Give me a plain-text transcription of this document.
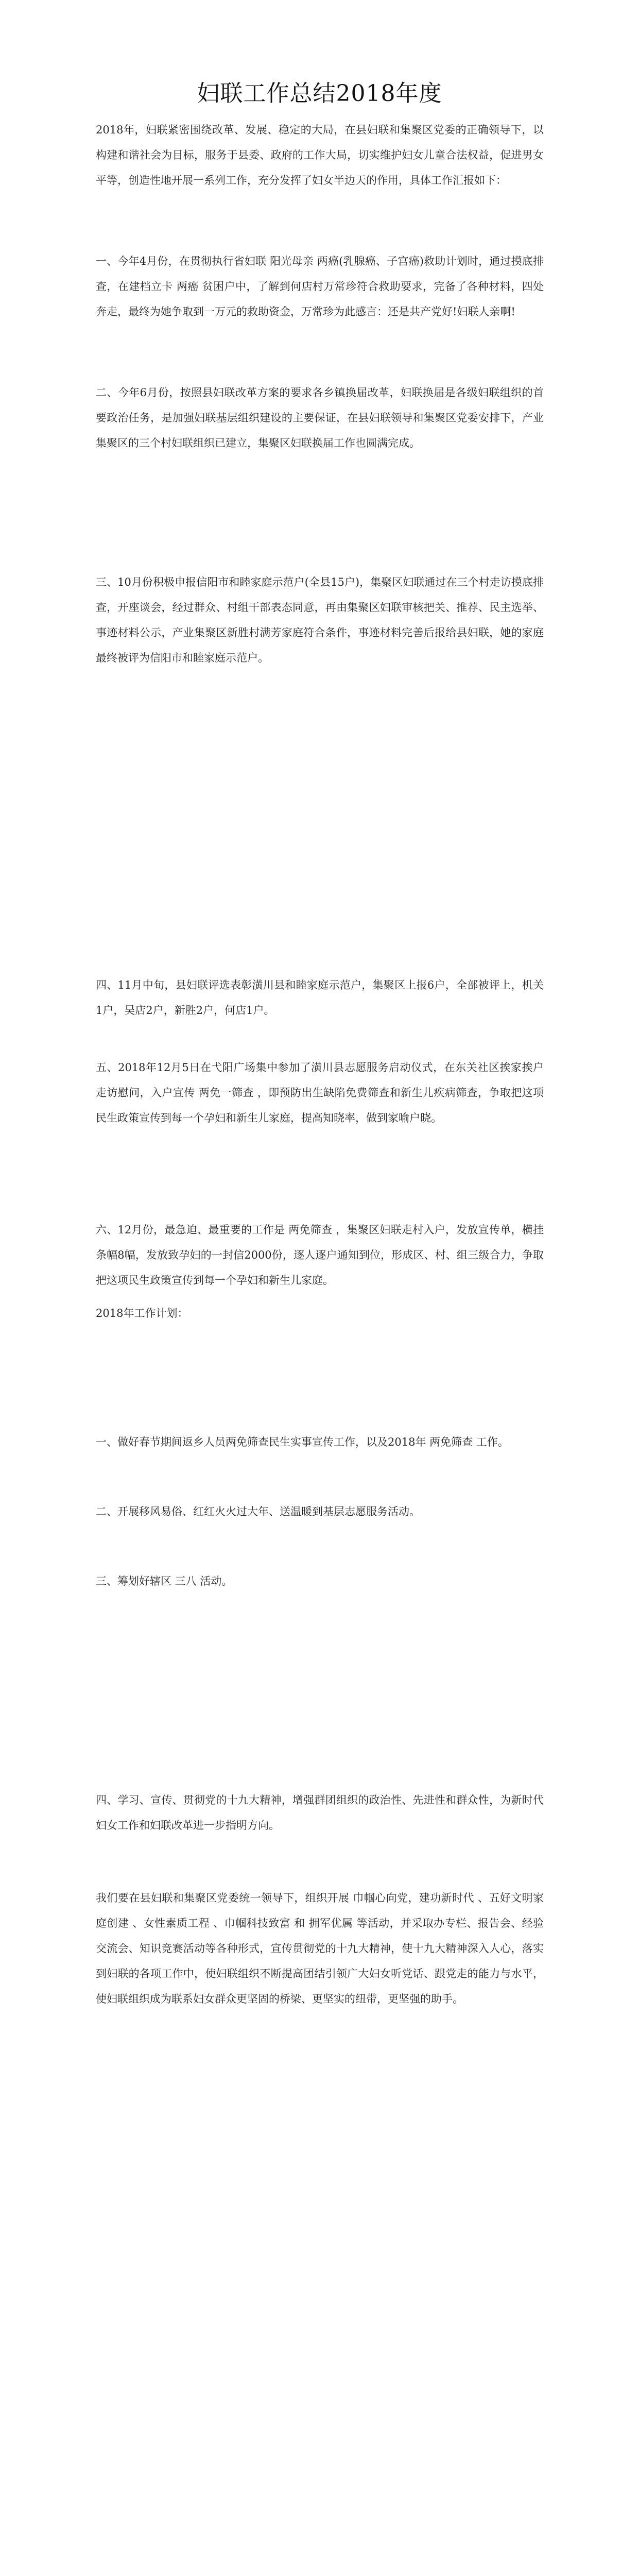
妇联工作总结2018年度

2018年，妇联紧密围绕改革、发展、稳定的大局，在县妇联和集聚区党委的正确领导下，以构建和谐社会为目标，服务于县委、政府的工作大局，切实维护妇女儿童合法权益，促进男女平等，创造性地开展一系列工作，充分发挥了妇女半边天的作用，具体工作汇报如下：

一、今年4月份，在贯彻执行省妇联 阳光母亲 两癌(乳腺癌、子宫癌)救助计划时，通过摸底排查，在建档立卡 两癌 贫困户中，了解到何店村万常珍符合救助要求，完备了各种材料，四处奔走，最终为她争取到一万元的救助资金，万常珍为此感言：还是共产党好!妇联人亲啊!

二、今年6月份，按照县妇联改革方案的要求各乡镇换届改革，妇联换届是各级妇联组织的首要政治任务，是加强妇联基层组织建设的主要保证，在县妇联领导和集聚区党委安排下，产业集聚区的三个村妇联组织已建立，集聚区妇联换届工作也圆满完成。

三、10月份积极申报信阳市和睦家庭示范户(全县15户)，集聚区妇联通过在三个村走访摸底排查，开座谈会，经过群众、村组干部表态同意，再由集聚区妇联审核把关、推荐、民主选举、事迹材料公示，产业集聚区新胜村满芳家庭符合条件，事迹材料完善后报给县妇联，她的家庭最终被评为信阳市和睦家庭示范户。

四、11月中旬，县妇联评选表彰潢川县和睦家庭示范户，集聚区上报6户，全部被评上，机关1户，吴店2户，新胜2户，何店1户。

五、2018年12月5日在弋阳广场集中参加了潢川县志愿服务启动仪式，在东关社区挨家挨户走访慰问，入户宣传 两免一筛查 ，即预防出生缺陷免费筛查和新生儿疾病筛查，争取把这项民生政策宣传到每一个孕妇和新生儿家庭，提高知晓率，做到家喻户晓。

六、12月份，最急迫、最重要的工作是 两免筛查 ，集聚区妇联走村入户，发放宣传单，横挂条幅8幅，发放致孕妇的一封信2000份，逐人逐户通知到位，形成区、村、组三级合力，争取把这项民生政策宣传到每一个孕妇和新生儿家庭。

2018年工作计划：

一、做好春节期间返乡人员两免筛查民生实事宣传工作，以及2018年 两免筛查 工作。

二、开展移风易俗、红红火火过大年、送温暖到基层志愿服务活动。

三、筹划好辖区 三八 活动。

四、学习、宣传、贯彻党的十九大精神，增强群团组织的政治性、先进性和群众性，为新时代妇女工作和妇联改革进一步指明方向。

我们要在县妇联和集聚区党委统一领导下，组织开展 巾帼心向党，建功新时代 、五好文明家庭创建 、女性素质工程 、巾帼科技致富 和 拥军优属 等活动，并采取办专栏、报告会、经验交流会、知识竞赛活动等各种形式，宣传贯彻党的十九大精神，使十九大精神深入人心，落实到妇联的各项工作中，使妇联组织不断提高团结引领广大妇女听党话、跟党走的能力与水平，使妇联组织成为联系妇女群众更坚固的桥梁、更坚实的纽带，更坚强的助手。
